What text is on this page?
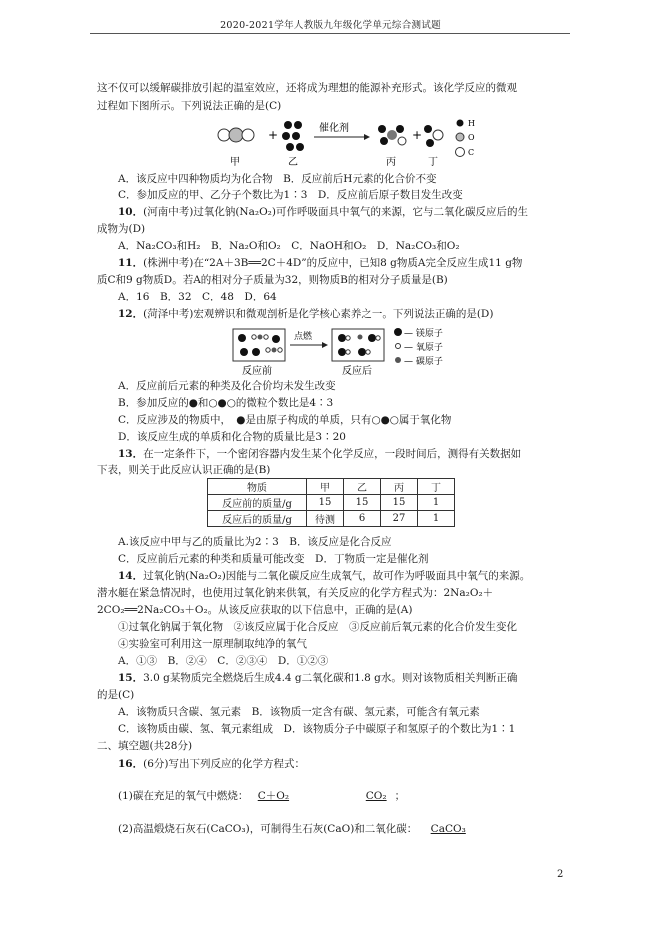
2020-2021学年人教版九年级化学单元综合测试题
这不仅可以缓解碳排放引起的温室效应，还将成为理想的能源补充形式。该化学反应的微观
过程如下图所示。下列说法正确的是(C)
+	催化剂	+
甲	乙	丙	丁
H
O
C
A．该反应中四种物质均为化合物　B．反应前后H元素的化合价不变
C．参加反应的甲、乙分子个数比为1∶3　D．反应前后原子数目发生改变
10．(河南中考)过氧化钠(Na₂O₂)可作呼吸面具中氧气的来源，它与二氧化碳反应后的生
成物为(D)
A．Na₂CO₃和H₂　B．Na₂O和O₂　C．NaOH和O₂　D．Na₂CO₃和O₂
11．(株洲中考)在“2A＋3B══2C＋4D”的反应中，已知8 g物质A完全反应生成11 g物
质C和9 g物质D。若A的相对分子质量为32，则物质B的相对分子质量是(B)
A．16　B．32　C．48　D．64
12．(菏泽中考)宏观辨识和微观剖析是化学核心素养之一。下列说法正确的是(D)
点燃
反应前	反应后
— 镁原子
— 氧原子
— 碳原子
A．反应前后元素的种类及化合价均未发生改变
B．参加反应的●和○●○的微粒个数比是4∶3
C．反应涉及的物质中，　●是由原子构成的单质，只有○●○属于氧化物
D．该反应生成的单质和化合物的质量比是3∶20
13．在一定条件下，一个密闭容器内发生某个化学反应，一段时间后，测得有关数据如
下表，则关于此反应认识正确的是(B)
物质	甲	乙	丙	丁
反应前的质量/g	15	15	15	1
反应后的质量/g	待测	6	27	1
A.该反应中甲与乙的质量比为2∶3　B．该反应是化合反应
C．反应前后元素的种类和质量可能改变　D．丁物质一定是催化剂
14．过氧化钠(Na₂O₂)因能与二氧化碳反应生成氧气，故可作为呼吸面具中氧气的来源。
潜水艇在紧急情况时，也使用过氧化钠来供氧，有关反应的化学方程式为：2Na₂O₂＋
2CO₂══2Na₂CO₃＋O₂。从该反应获取的以下信息中，正确的是(A)
①过氧化钠属于氧化物　②该反应属于化合反应　③反应前后氧元素的化合价发生变化
④实验室可利用这一原理制取纯净的氧气
A．①③　B．②④　C．②③④　D．①②③
15．3.0 g某物质完全燃烧后生成4.4 g二氧化碳和1.8 g水。则对该物质相关判断正确
的是(C)
A．该物质只含碳、氢元素　B．该物质一定含有碳、氢元素，可能含有氧元素
C．该物质由碳、氢、氧元素组成　D．该物质分子中碳原子和氢原子的个数比为1∶1
二、填空题(共28分)
16．(6分)写出下列反应的化学方程式：
(1)碳在充足的氧气中燃烧： C＋O₂	CO₂ ；
(2)高温煅烧石灰石(CaCO₃)，可制得生石灰(CaO)和二氧化碳： CaCO₃
2
